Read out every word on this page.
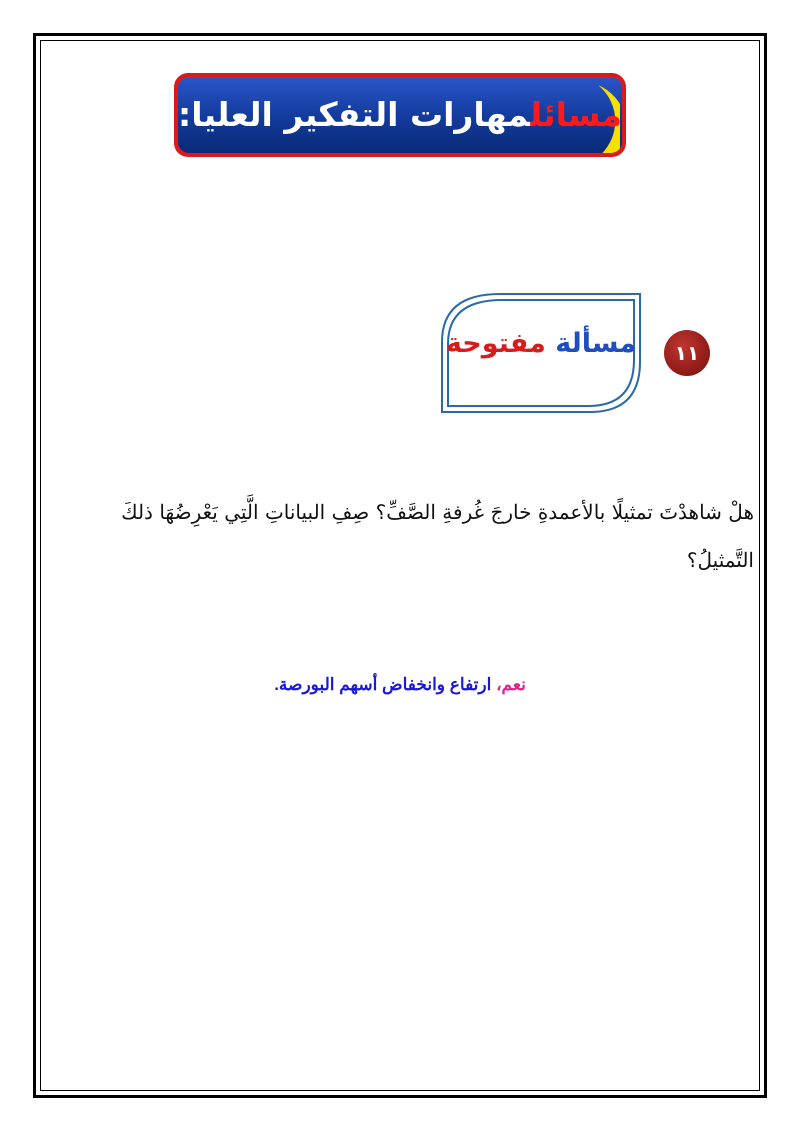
مسائلمهارات التفكير العليا:
١١
مسألة مفتوحة
هلْ شاهدْتَ تمثيلًا بالأعمدةِ خارجَ غُرفةِ الصَّفِّ؟ صِفِ البياناتِ الَّتِي يَعْرِضُهَا ذلكَ
التَّمثيلُ؟
نعم، ارتفاع وانخفاض أسهم البورصة.
